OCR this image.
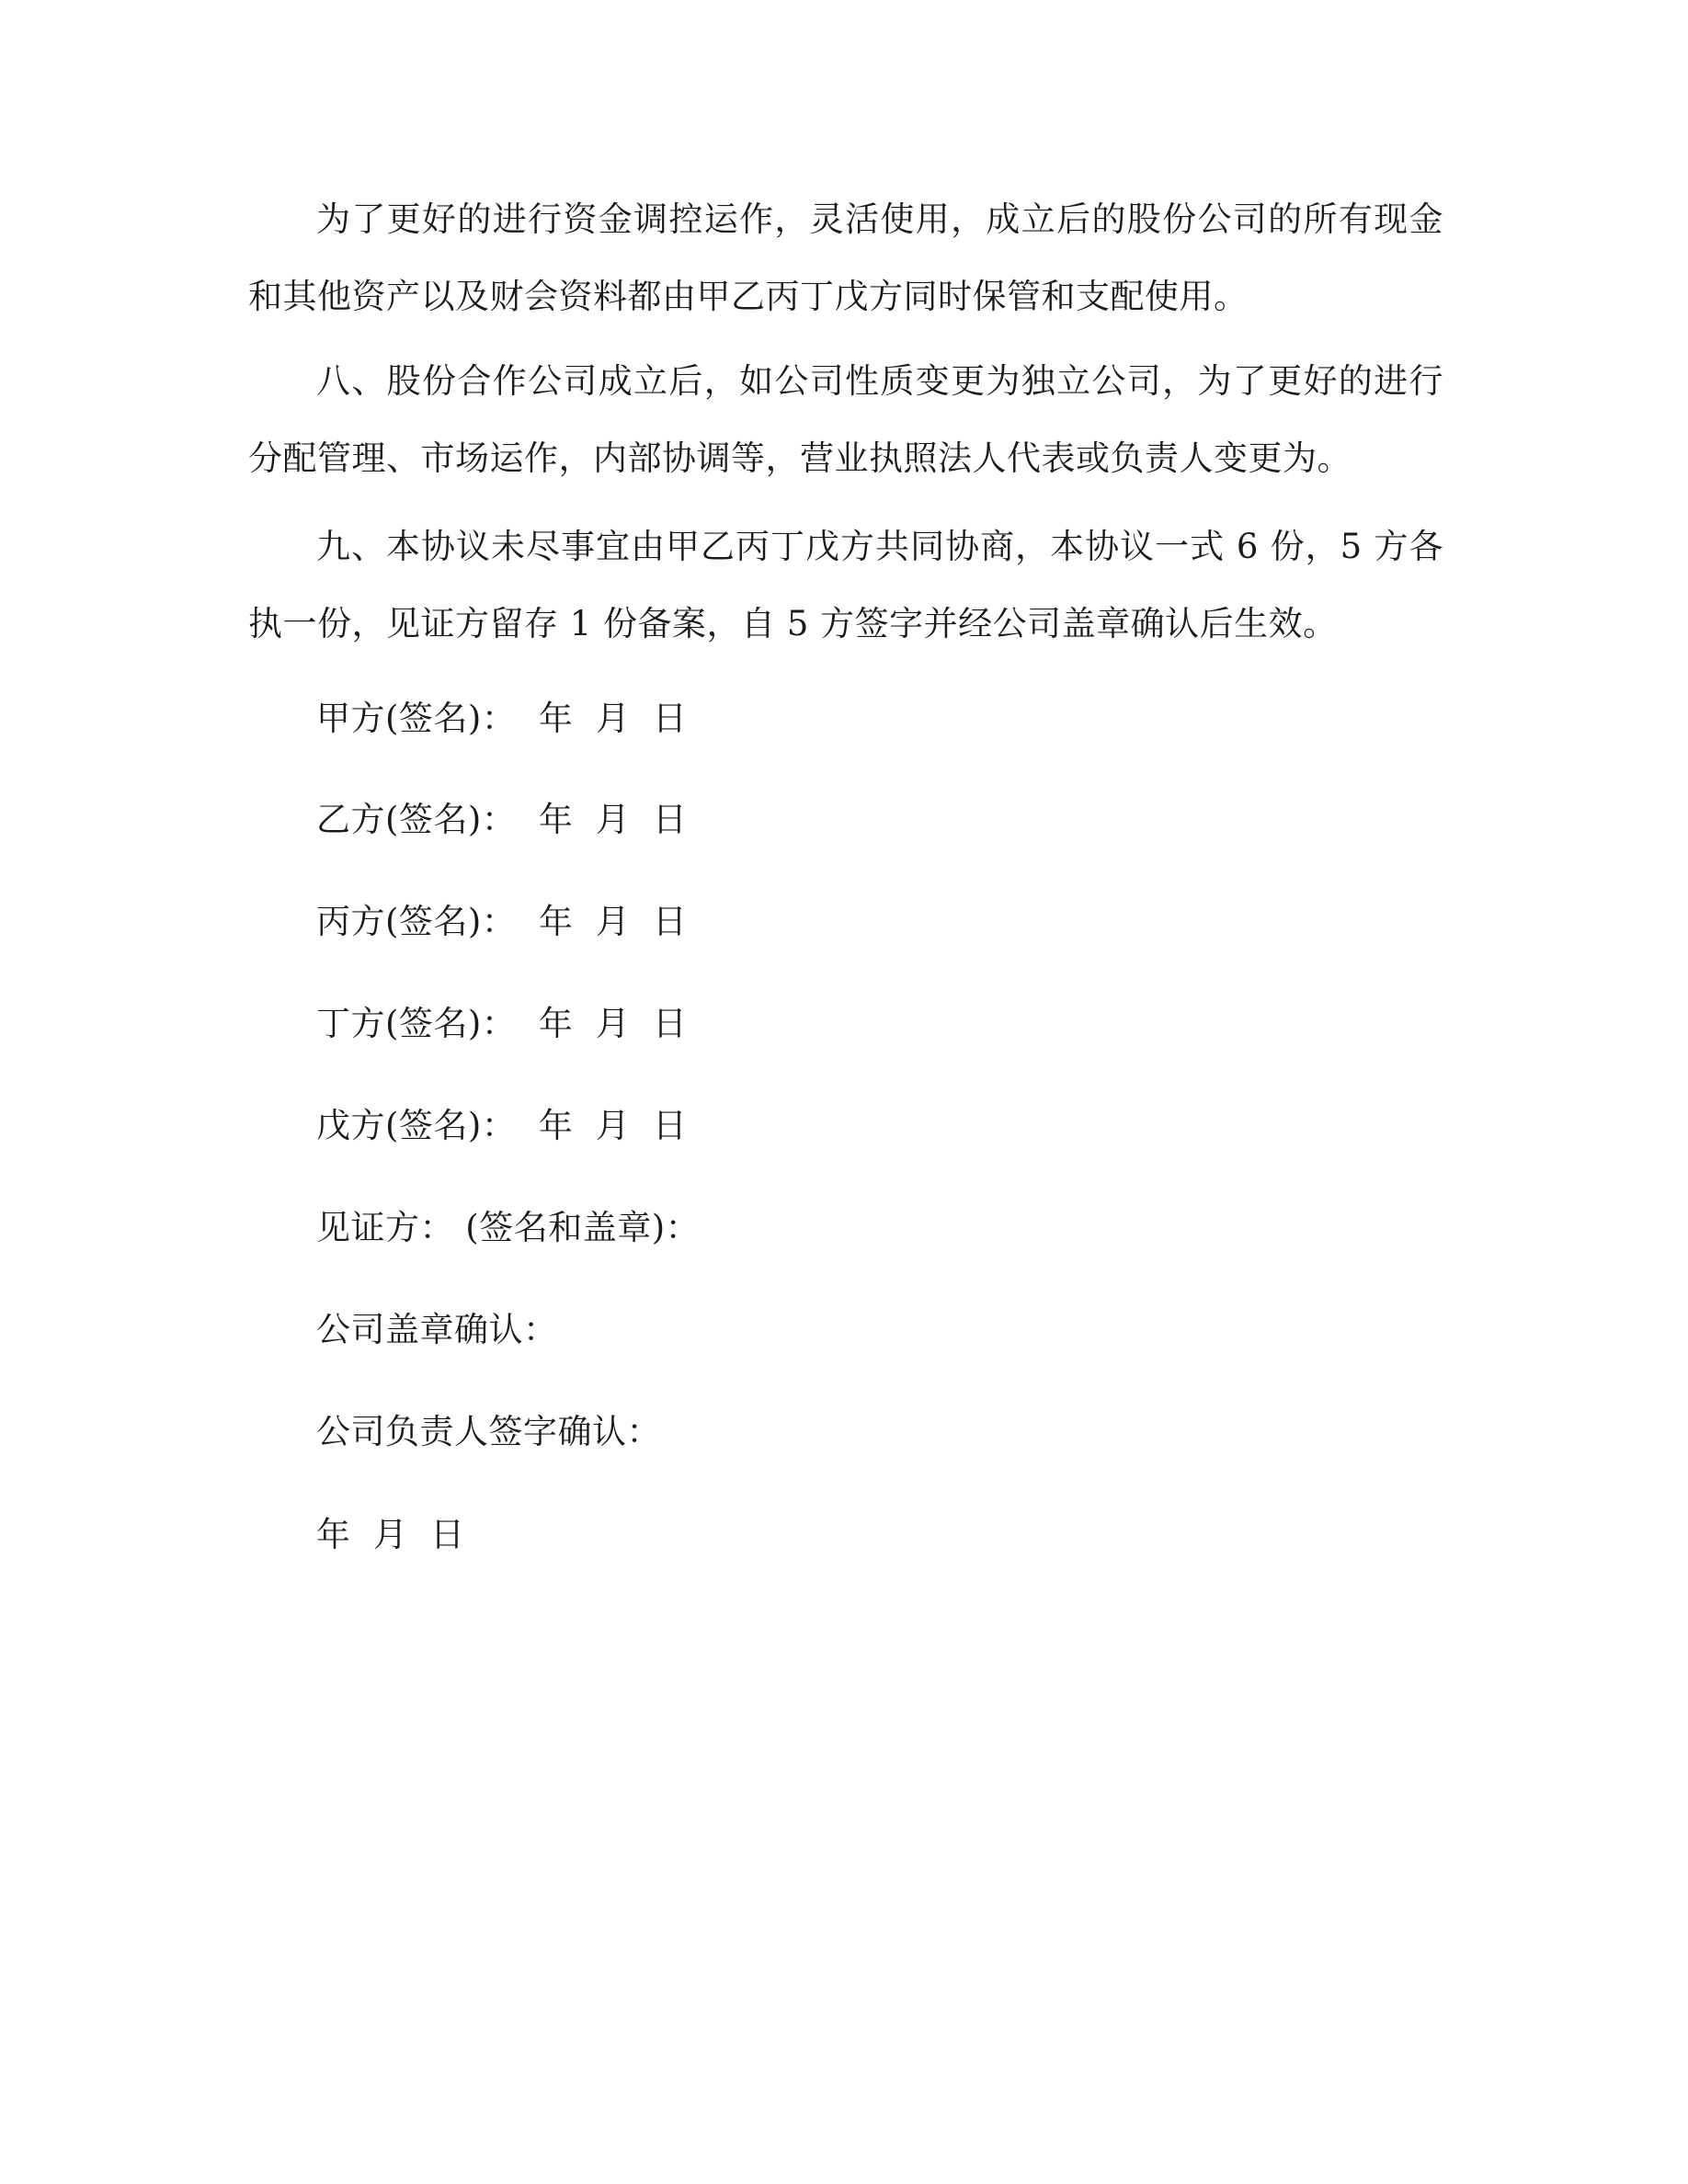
为了更好的进行资金调控运作，灵活使用，成立后的股份公司的所有现金和其他资产以及财会资料都由甲乙丙丁戊方同时保管和支配使用。

八、股份合作公司成立后，如公司性质变更为独立公司，为了更好的进行分配管理、市场运作，内部协调等，营业执照法人代表或负责人变更为。

九、本协议未尽事宜由甲乙丙丁戊方共同协商，本协议一式 6 份，5 方各执一份，见证方留存 1 份备案，自 5 方签字并经公司盖章确认后生效。

甲方(签名)：  年  月  日

乙方(签名)：  年  月  日

丙方(签名)：  年  月  日

丁方(签名)：  年  月  日

戊方(签名)：  年  月  日

见证方： (签名和盖章)：

公司盖章确认：

公司负责人签字确认：

年  月  日
